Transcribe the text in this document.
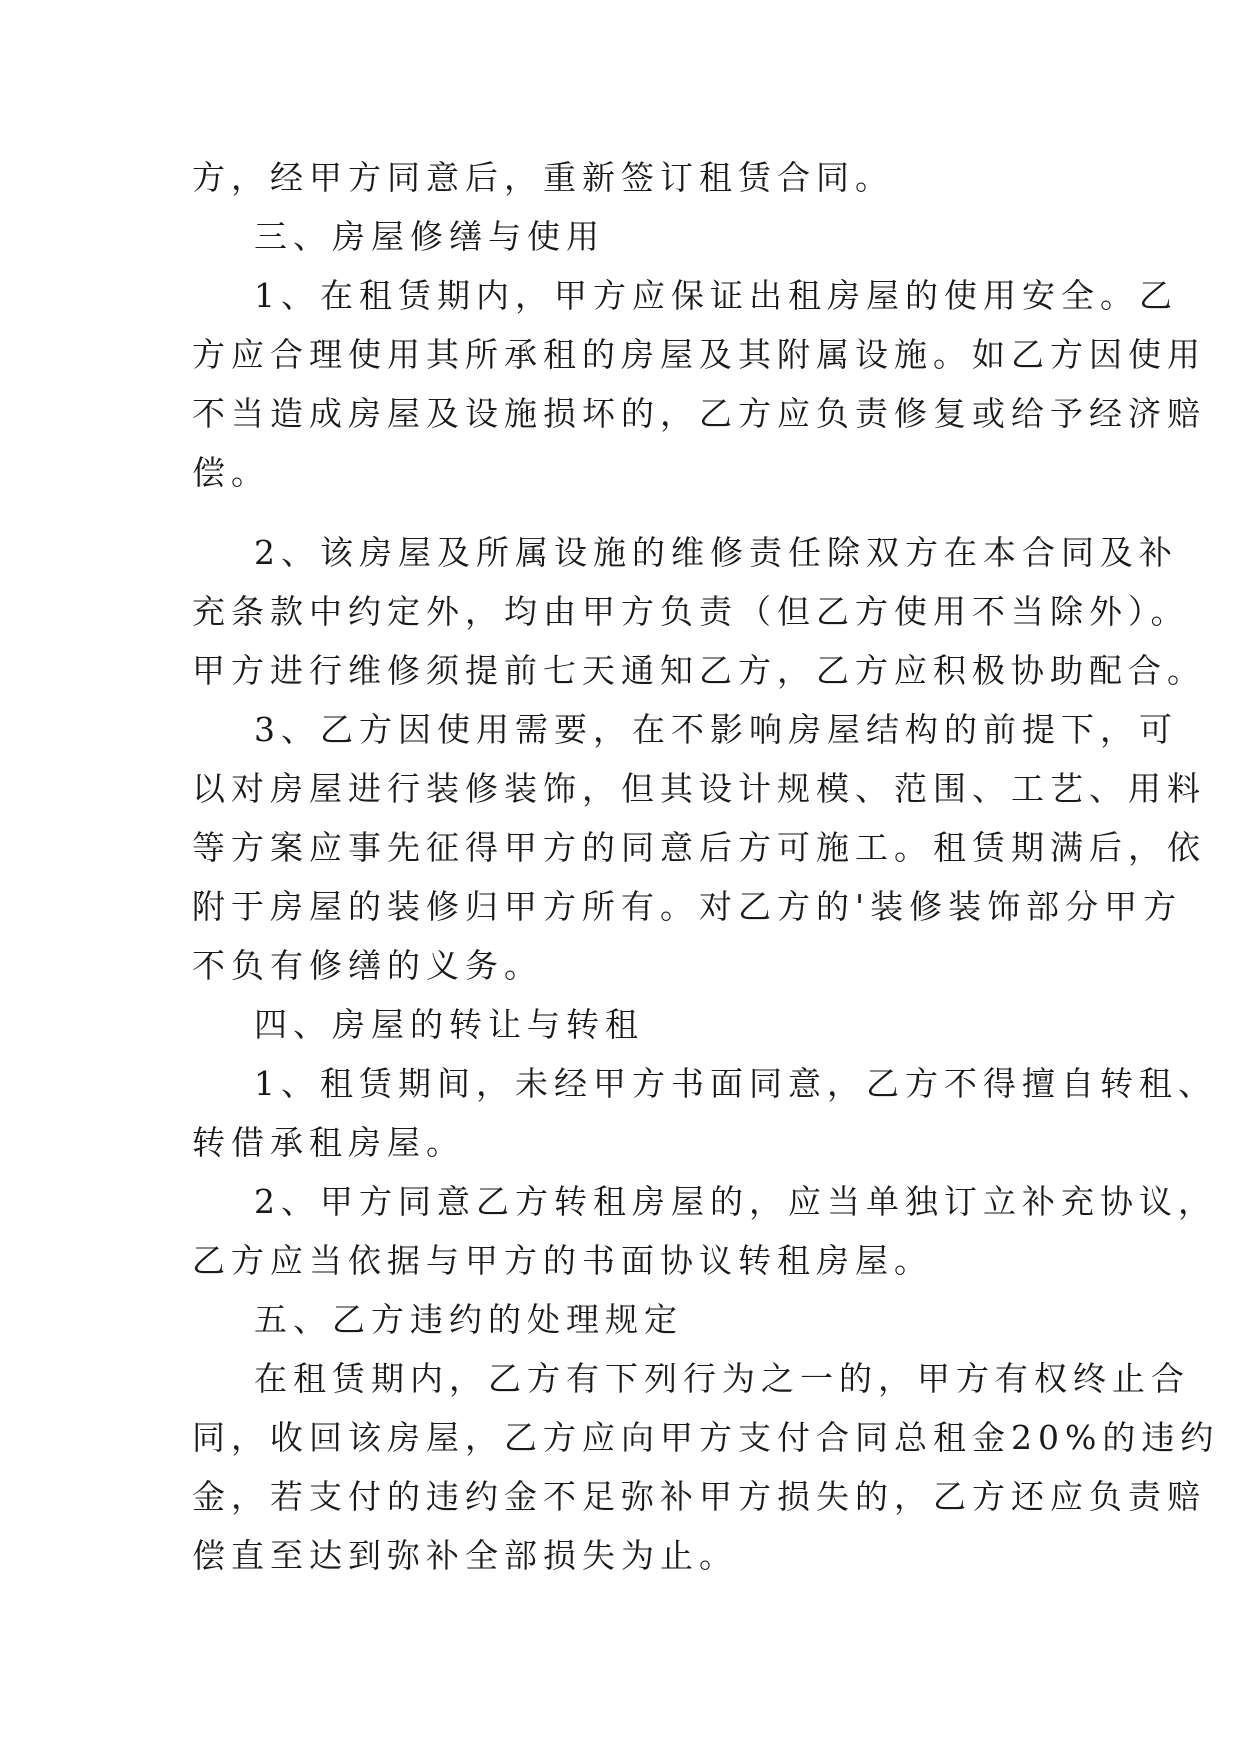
方，经甲方同意后，重新签订租赁合同。
三、房屋修缮与使用
1、在租赁期内，甲方应保证出租房屋的使用安全。乙
方应合理使用其所承租的房屋及其附属设施。如乙方因使用
不当造成房屋及设施损坏的，乙方应负责修复或给予经济赔
偿。
2、该房屋及所属设施的维修责任除双方在本合同及补
充条款中约定外，均由甲方负责（但乙方使用不当除外）。
甲方进行维修须提前七天通知乙方，乙方应积极协助配合。
3、乙方因使用需要，在不影响房屋结构的前提下，可
以对房屋进行装修装饰，但其设计规模、范围、工艺、用料
等方案应事先征得甲方的同意后方可施工。租赁期满后，依
附于房屋的装修归甲方所有。对乙方的'装修装饰部分甲方
不负有修缮的义务。
四、房屋的转让与转租
1、租赁期间，未经甲方书面同意，乙方不得擅自转租、
转借承租房屋。
2、甲方同意乙方转租房屋的，应当单独订立补充协议，
乙方应当依据与甲方的书面协议转租房屋。
五、乙方违约的处理规定
在租赁期内，乙方有下列行为之一的，甲方有权终止合
同，收回该房屋，乙方应向甲方支付合同总租金20%的违约
金，若支付的违约金不足弥补甲方损失的，乙方还应负责赔
偿直至达到弥补全部损失为止。
